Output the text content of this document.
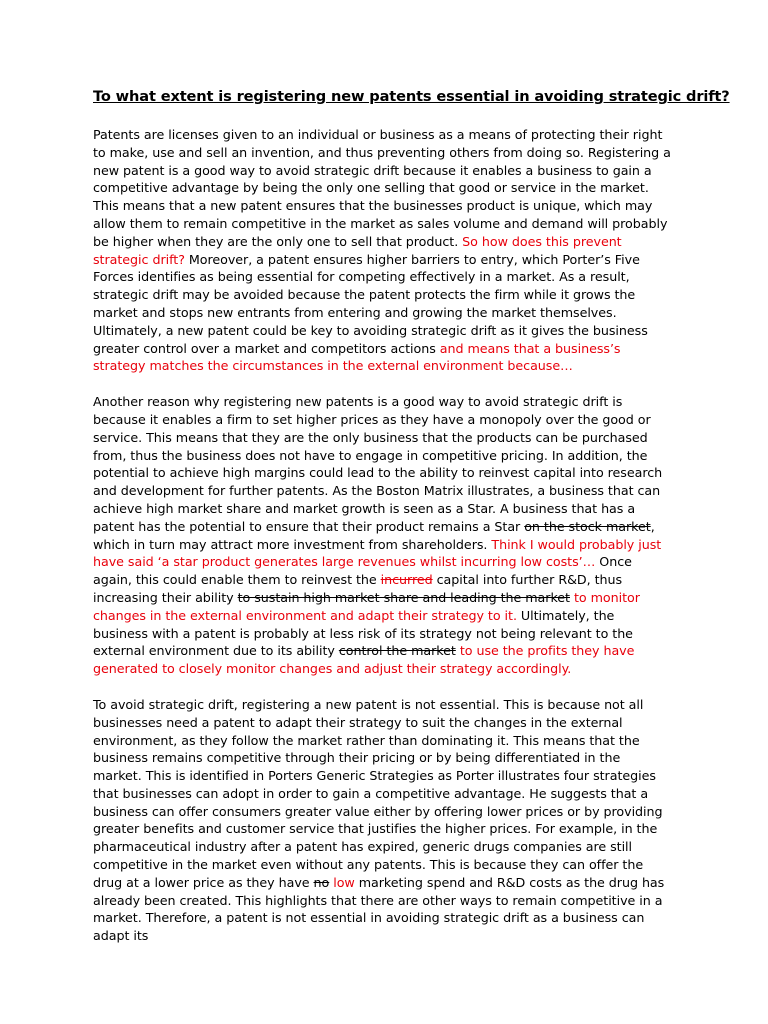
To what extent is registering new patents essential in avoiding strategic drift?

Patents are licenses given to an individual or business as a means of protecting their right to make, use and sell an invention, and thus preventing others from doing so. Registering a new patent is a good way to avoid strategic drift because it enables a business to gain a competitive advantage by being the only one selling that good or service in the market. This means that a new patent ensures that the businesses product is unique, which may allow them to remain competitive in the market as sales volume and demand will probably be higher when they are the only one to sell that product. So how does this prevent strategic drift? Moreover, a patent ensures higher barriers to entry, which Porter’s Five Forces identifies as being essential for competing effectively in a market. As a result, strategic drift may be avoided because the patent protects the firm while it grows the market and stops new entrants from entering and growing the market themselves. Ultimately, a new patent could be key to avoiding strategic drift as it gives the business greater control over a market and competitors actions and means that a business’s strategy matches the circumstances in the external environment because…

Another reason why registering new patents is a good way to avoid strategic drift is because it enables a firm to set higher prices as they have a monopoly over the good or service. This means that they are the only business that the products can be purchased from, thus the business does not have to engage in competitive pricing. In addition, the potential to achieve high margins could lead to the ability to reinvest capital into research and development for further patents. As the Boston Matrix illustrates, a business that can achieve high market share and market growth is seen as a Star. A business that has a patent has the potential to ensure that their product remains a Star on the stock market, which in turn may attract more investment from shareholders. Think I would probably just have said ‘a star product generates large revenues whilst incurring low costs’… Once again, this could enable them to reinvest the incurred capital into further R&D, thus increasing their ability to sustain high market share and leading the market to monitor changes in the external environment and adapt their strategy to it. Ultimately, the business with a patent is probably at less risk of its strategy not being relevant to the external environment due to its ability control the market to use the profits they have generated to closely monitor changes and adjust their strategy accordingly.

To avoid strategic drift, registering a new patent is not essential. This is because not all businesses need a patent to adapt their strategy to suit the changes in the external environment, as they follow the market rather than dominating it. This means that the business remains competitive through their pricing or by being differentiated in the market. This is identified in Porters Generic Strategies as Porter illustrates four strategies that businesses can adopt in order to gain a competitive advantage. He suggests that a business can offer consumers greater value either by offering lower prices or by providing greater benefits and customer service that justifies the higher prices. For example, in the pharmaceutical industry after a patent has expired, generic drugs companies are still competitive in the market even without any patents. This is because they can offer the drug at a lower price as they have no low marketing spend and R&D costs as the drug has already been created. This highlights that there are other ways to remain competitive in a market. Therefore, a patent is not essential in avoiding strategic drift as a business can adapt its
